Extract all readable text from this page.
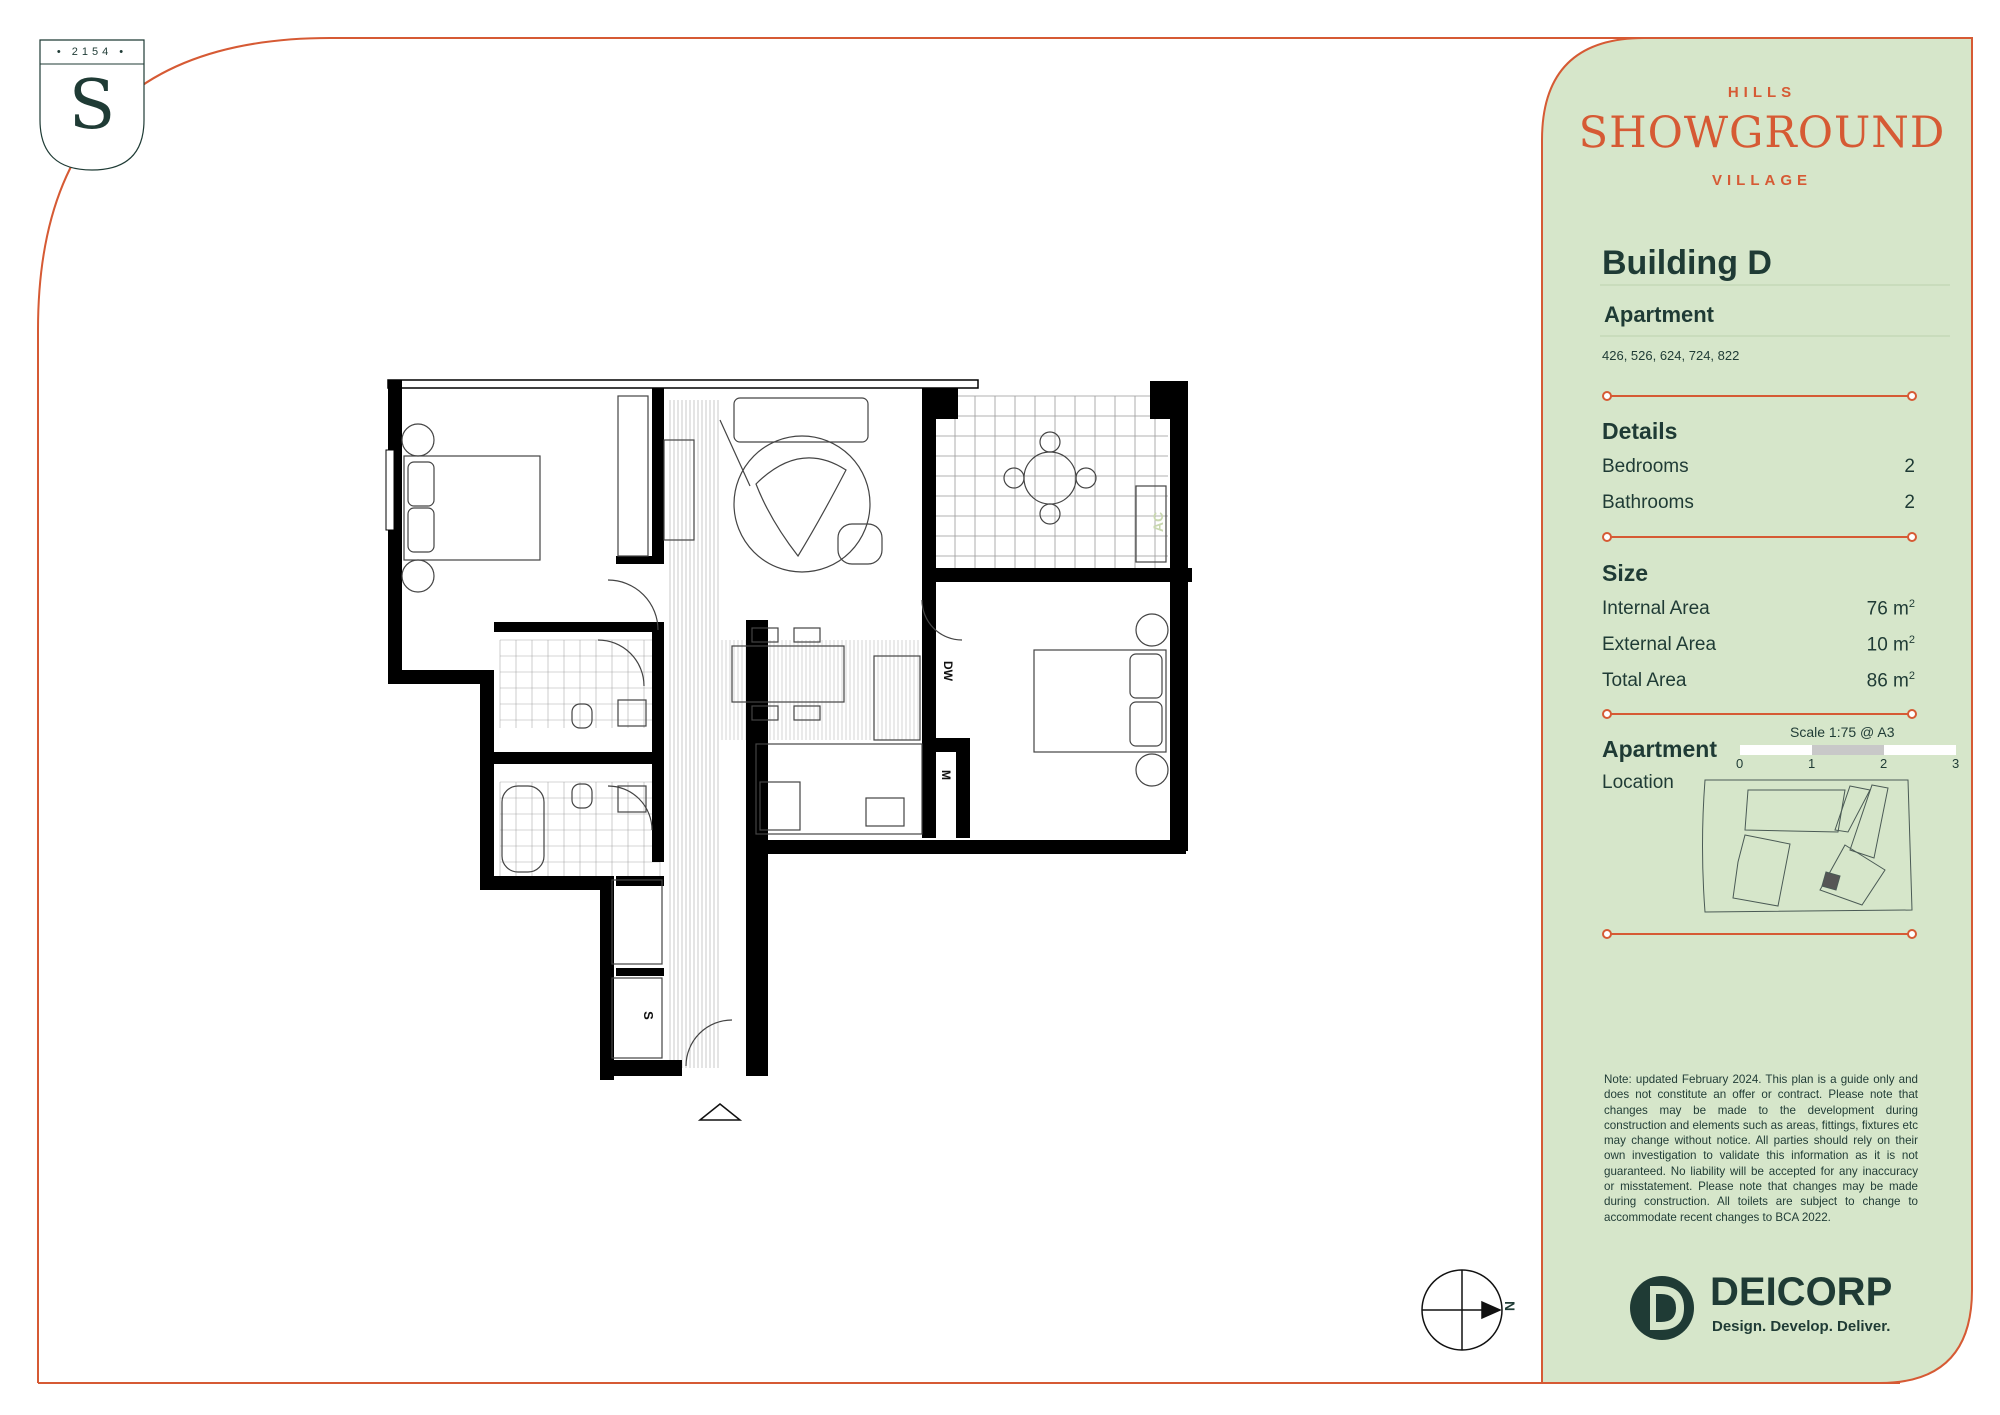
• 2154 •
S	HILLS
SHOWGROUND
VILLAGE
Building D
Apartment
426, 526, 624, 724, 822
Details
Bedrooms	2
Bathrooms	2
Size
Internal Area	76 $m^2$
External Area	10 $m^2$
Total Area	86 $m^2$
Apartment
Scale 1:75 @ A3
0	1	2	3
Location
Note: updated February 2024. This plan is a guide only and does not constitute an offer or contract. Please note that changes may be made to the development during construction and elements such as areas, fittings, fixtures etc may change without notice. All parties should rely on their own investigation to validate this information as it is not guaranteed. No liability will be accepted for any inaccuracy or misstatement. Please note that changes may be made during construction. All toilets are subject to change to accommodate recent changes to BCA 2022.
DEICORP
Design. Develop. Deliver.
N
DW
AC
M
S
